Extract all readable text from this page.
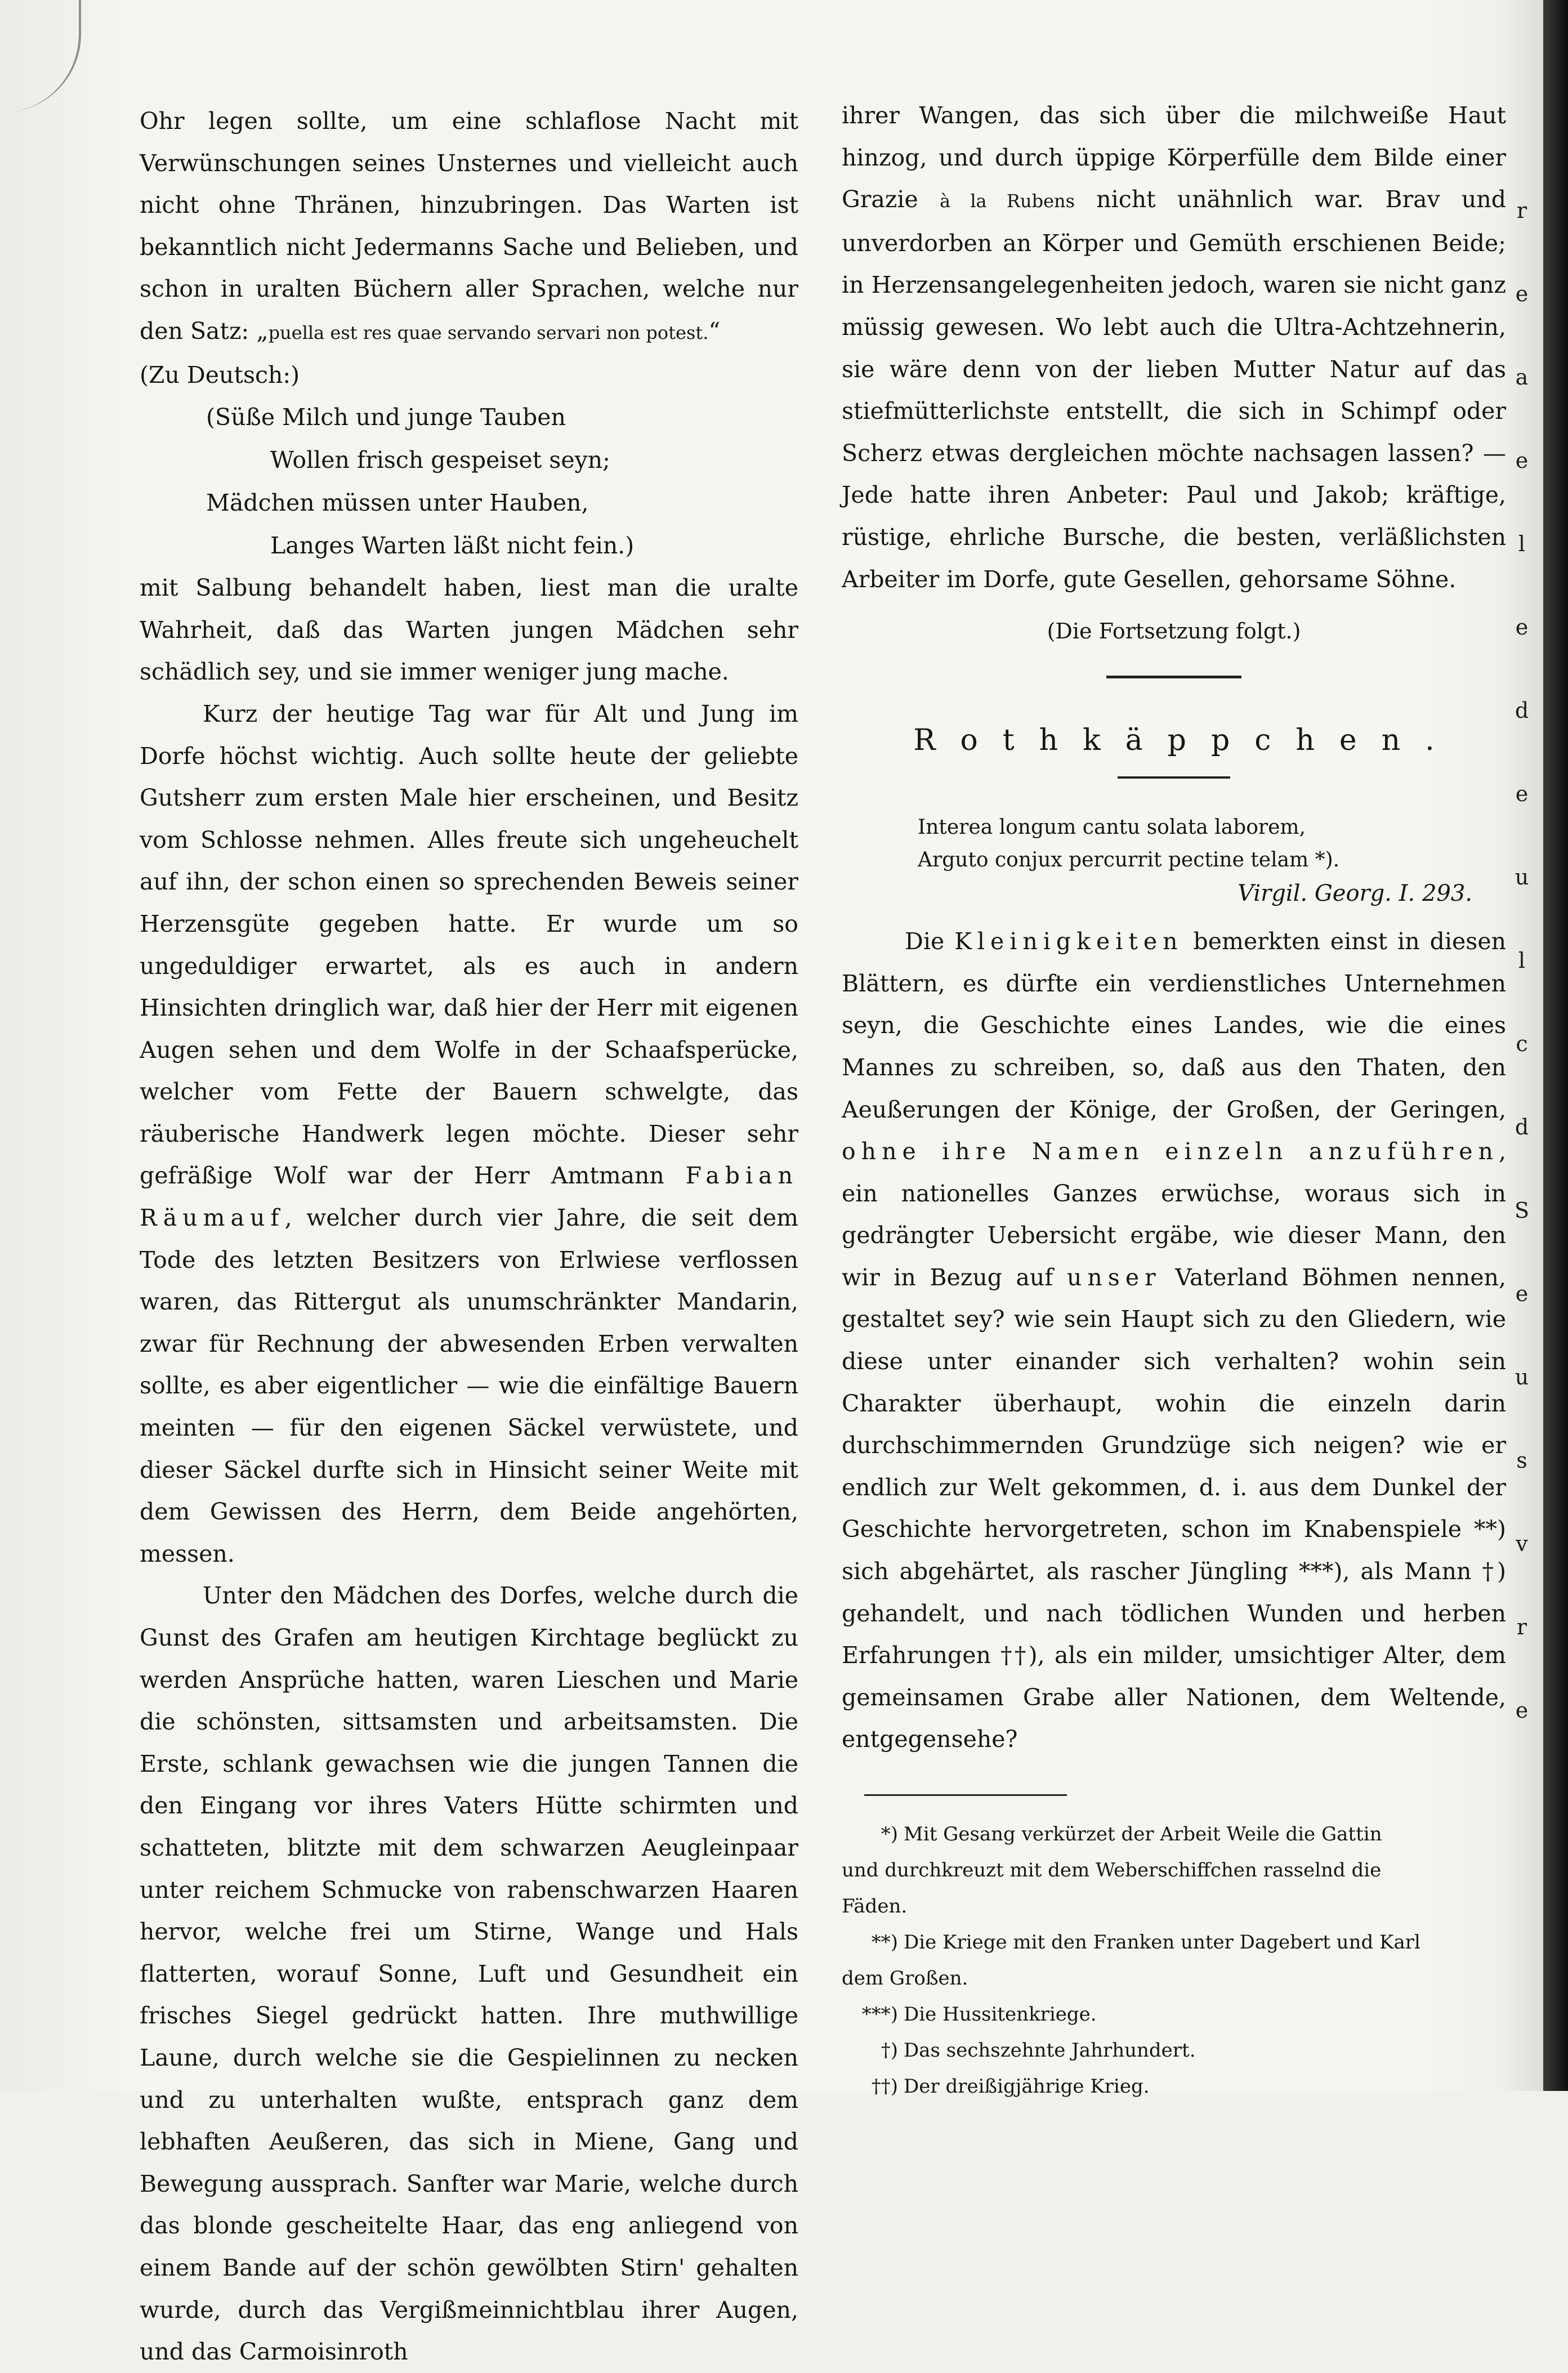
Ohr legen sollte, um eine schlaflose Nacht mit Verwünschungen seines Unsternes und vielleicht auch nicht ohne Thränen, hinzubringen. Das Warten ist bekanntlich nicht Jedermanns Sache und Belieben, und schon in uralten Büchern aller Sprachen, welche nur den Satz: „puella est res quae servando servari non potest.“

(Zu Deutsch:)

(Süße Milch und junge Tauben
Wollen frisch gespeiset seyn;
Mädchen müssen unter Hauben,
Langes Warten läßt nicht fein.)

mit Salbung behandelt haben, liest man die uralte Wahrheit, daß das Warten jungen Mädchen sehr schädlich sey, und sie immer weniger jung mache.

Kurz der heutige Tag war für Alt und Jung im Dorfe höchst wichtig. Auch sollte heute der geliebte Gutsherr zum ersten Male hier erscheinen, und Besitz vom Schlosse nehmen. Alles freute sich ungeheuchelt auf ihn, der schon einen so sprechenden Beweis seiner Herzensgüte gegeben hatte. Er wurde um so ungeduldiger erwartet, als es auch in andern Hinsichten dringlich war, daß hier der Herr mit eigenen Augen sehen und dem Wolfe in der Schaafsperücke, welcher vom Fette der Bauern schwelgte, das räuberische Handwerk legen möchte. Dieser sehr gefräßige Wolf war der Herr Amtmann Fabian Räumauf, welcher durch vier Jahre, die seit dem Tode des letzten Besitzers von Erlwiese verflossen waren, das Rittergut als unumschränkter Mandarin, zwar für Rechnung der abwesenden Erben verwalten sollte, es aber eigentlicher — wie die einfältige Bauern meinten — für den eigenen Säckel verwüstete, und dieser Säckel durfte sich in Hinsicht seiner Weite mit dem Gewissen des Herrn, dem Beide angehörten, messen.

Unter den Mädchen des Dorfes, welche durch die Gunst des Grafen am heutigen Kirchtage beglückt zu werden Ansprüche hatten, waren Lieschen und Marie die schönsten, sittsamsten und arbeitsamsten. Die Erste, schlank gewachsen wie die jungen Tannen die den Eingang vor ihres Vaters Hütte schirmten und schatteten, blitzte mit dem schwarzen Aeugleinpaar unter reichem Schmucke von rabenschwarzen Haaren hervor, welche frei um Stirne, Wange und Hals flatterten, worauf Sonne, Luft und Gesundheit ein frisches Siegel gedrückt hatten. Ihre muthwillige Laune, durch welche sie die Gespielinnen zu necken und zu unterhalten wußte, entsprach ganz dem lebhaften Aeußeren, das sich in Miene, Gang und Bewegung aussprach. Sanfter war Marie, welche durch das blonde gescheitelte Haar, das eng anliegend von einem Bande auf der schön gewölbten Stirn' gehalten wurde, durch das Vergißmeinnichtblau ihrer Augen, und das Carmoisinroth

ihrer Wangen, das sich über die milchweiße Haut hinzog, und durch üppige Körperfülle dem Bilde einer Grazie à la Rubens nicht unähnlich war. Brav und unverdorben an Körper und Gemüth erschienen Beide; in Herzensangelegenheiten jedoch, waren sie nicht ganz müssig gewesen. Wo lebt auch die Ultra-Achtzehnerin, sie wäre denn von der lieben Mutter Natur auf das stiefmütterlichste entstellt, die sich in Schimpf oder Scherz etwas dergleichen möchte nachsagen lassen? — Jede hatte ihren Anbeter: Paul und Jakob; kräftige, rüstige, ehrliche Bursche, die besten, verläßlichsten Arbeiter im Dorfe, gute Gesellen, gehorsame Söhne.

(Die Fortsetzung folgt.)

Rothkäppchen.

Interea longum cantu solata laborem,

Arguto conjux percurrit pectine telam *).

Virgil. Georg. I. 293.

Die Kleinigkeiten bemerkten einst in diesen Blättern, es dürfte ein verdienstliches Unternehmen seyn, die Geschichte eines Landes, wie die eines Mannes zu schreiben, so, daß aus den Thaten, den Aeußerungen der Könige, der Großen, der Geringen, ohne ihre Namen einzeln anzuführen, ein nationelles Ganzes erwüchse, woraus sich in gedrängter Uebersicht ergäbe, wie dieser Mann, den wir in Bezug auf unser Vaterland Böhmen nennen, gestaltet sey? wie sein Haupt sich zu den Gliedern, wie diese unter einander sich verhalten? wohin sein Charakter überhaupt, wohin die einzeln darin durchschimmernden Grundzüge sich neigen? wie er endlich zur Welt gekommen, d. i. aus dem Dunkel der Geschichte hervorgetreten, schon im Knabenspiele **) sich abgehärtet, als rascher Jüngling ***), als Mann †) gehandelt, und nach tödlichen Wunden und herben Erfahrungen ††), als ein milder, umsichtiger Alter, dem gemeinsamen Grabe aller Nationen, dem Weltende, entgegensehe?

*) Mit Gesang verkürzet der Arbeit Weile die Gattin

und durchkreuzt mit dem Weberschiffchen rasselnd die

Fäden.

**) Die Kriege mit den Franken unter Dagebert und Karl

dem Großen.

***) Die Hussitenkriege.

†) Das sechszehnte Jahrhundert.

††) Der dreißigjährige Krieg.

r
e
a
e
l
e
d
e
u
l
c
d
S
e
u
s
v
r
e
